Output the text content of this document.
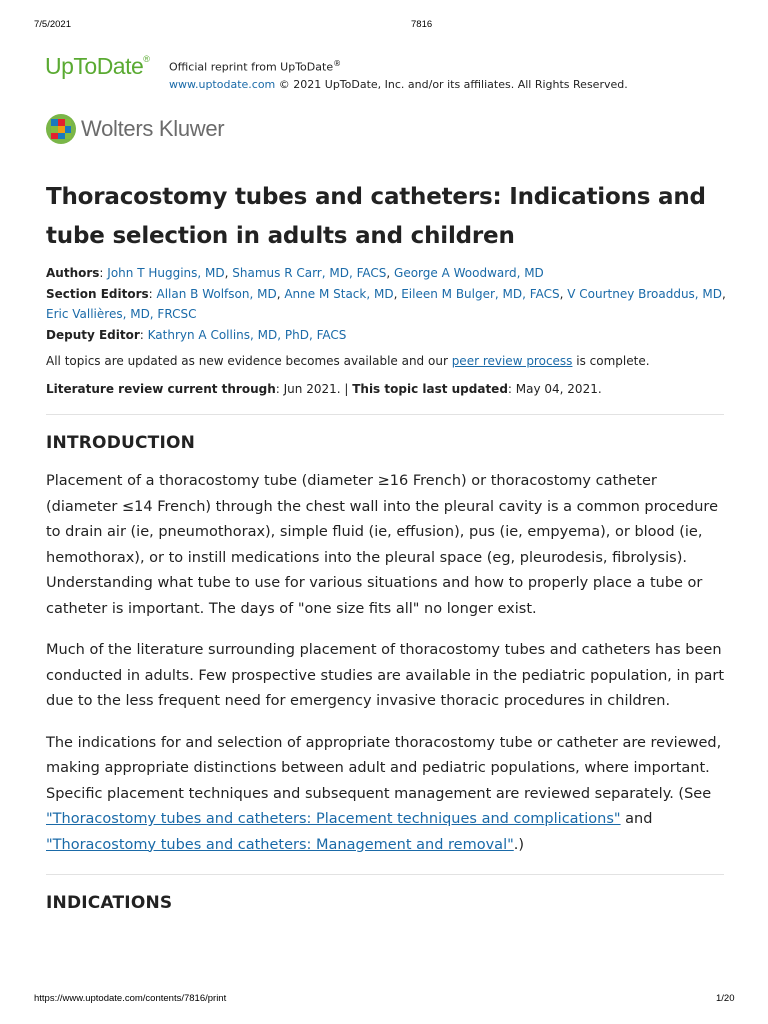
7/5/2021	7816
UpToDate®
Official reprint from UpToDate®
www.uptodate.com © 2021 UpToDate, Inc. and/or its affiliates. All Rights Reserved.
Wolters Kluwer
Thoracostomy tubes and catheters: Indications and tube selection in adults and children
Authors: John T Huggins, MD, Shamus R Carr, MD, FACS, George A Woodward, MD
Section Editors: Allan B Wolfson, MD, Anne M Stack, MD, Eileen M Bulger, MD, FACS, V Courtney Broaddus, MD, Eric Vallières, MD, FRCSC
Deputy Editor: Kathryn A Collins, MD, PhD, FACS
All topics are updated as new evidence becomes available and our peer review process is complete.
Literature review current through: Jun 2021. | This topic last updated: May 04, 2021.
INTRODUCTION

Placement of a thoracostomy tube (diameter ≥16 French) or thoracostomy catheter (diameter ≤14 French) through the chest wall into the pleural cavity is a common procedure to drain air (ie, pneumothorax), simple fluid (ie, effusion), pus (ie, empyema), or blood (ie, hemothorax), or to instill medications into the pleural space (eg, pleurodesis, fibrolysis). Understanding what tube to use for various situations and how to properly place a tube or catheter is important. The days of "one size fits all" no longer exist.

Much of the literature surrounding placement of thoracostomy tubes and catheters has been conducted in adults. Few prospective studies are available in the pediatric population, in part due to the less frequent need for emergency invasive thoracic procedures in children.

The indications for and selection of appropriate thoracostomy tube or catheter are reviewed, making appropriate distinctions between adult and pediatric populations, where important. Specific placement techniques and subsequent management are reviewed separately. (See "Thoracostomy tubes and catheters: Placement techniques and complications" and "Thoracostomy tubes and catheters: Management and removal".)

INDICATIONS
https://www.uptodate.com/contents/7816/print	1/20
